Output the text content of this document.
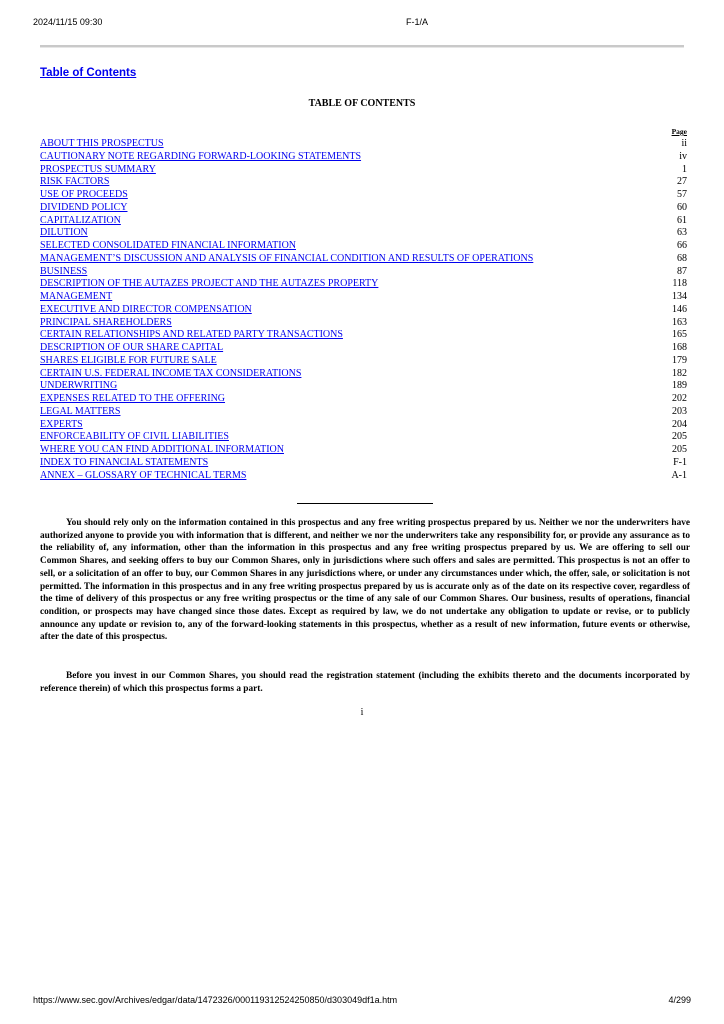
2024/11/15 09:30	F-1/A
Table of Contents
TABLE OF CONTENTS
Page
ABOUT THIS PROSPECTUS	ii
CAUTIONARY NOTE REGARDING FORWARD-LOOKING STATEMENTS	iv
PROSPECTUS SUMMARY	1
RISK FACTORS	27
USE OF PROCEEDS	57
DIVIDEND POLICY	60
CAPITALIZATION	61
DILUTION	63
SELECTED CONSOLIDATED FINANCIAL INFORMATION	66
MANAGEMENT’S DISCUSSION AND ANALYSIS OF FINANCIAL CONDITION AND RESULTS OF OPERATIONS	68
BUSINESS	87
DESCRIPTION OF THE AUTAZES PROJECT AND THE AUTAZES PROPERTY	118
MANAGEMENT	134
EXECUTIVE AND DIRECTOR COMPENSATION	146
PRINCIPAL SHAREHOLDERS	163
CERTAIN RELATIONSHIPS AND RELATED PARTY TRANSACTIONS	165
DESCRIPTION OF OUR SHARE CAPITAL	168
SHARES ELIGIBLE FOR FUTURE SALE	179
CERTAIN U.S. FEDERAL INCOME TAX CONSIDERATIONS	182
UNDERWRITING	189
EXPENSES RELATED TO THE OFFERING	202
LEGAL MATTERS	203
EXPERTS	204
ENFORCEABILITY OF CIVIL LIABILITIES	205
WHERE YOU CAN FIND ADDITIONAL INFORMATION	205
INDEX TO FINANCIAL STATEMENTS	F-1
ANNEX – GLOSSARY OF TECHNICAL TERMS	A-1

You should rely only on the information contained in this prospectus and any free writing prospectus prepared by us. Neither we nor the underwriters have authorized anyone to provide you with information that is different, and neither we nor the underwriters take any responsibility for, or provide any assurance as to the reliability of, any information, other than the information in this prospectus and any free writing prospectus prepared by us. We are offering to sell our Common Shares, and seeking offers to buy our Common Shares, only in jurisdictions where such offers and sales are permitted. This prospectus is not an offer to sell, or a solicitation of an offer to buy, our Common Shares in any jurisdictions where, or under any circumstances under which, the offer, sale, or solicitation is not permitted. The information in this prospectus and in any free writing prospectus prepared by us is accurate only as of the date on its respective cover, regardless of the time of delivery of this prospectus or any free writing prospectus or the time of any sale of our Common Shares. Our business, results of operations, financial condition, or prospects may have changed since those dates. Except as required by law, we do not undertake any obligation to update or revise, or to publicly announce any update or revision to, any of the forward-looking statements in this prospectus, whether as a result of new information, future events or otherwise, after the date of this prospectus.

Before you invest in our Common Shares, you should read the registration statement (including the exhibits thereto and the documents incorporated by reference therein) of which this prospectus forms a part.

i
https://www.sec.gov/Archives/edgar/data/1472326/000119312524250850/d303049df1a.htm	4/299
